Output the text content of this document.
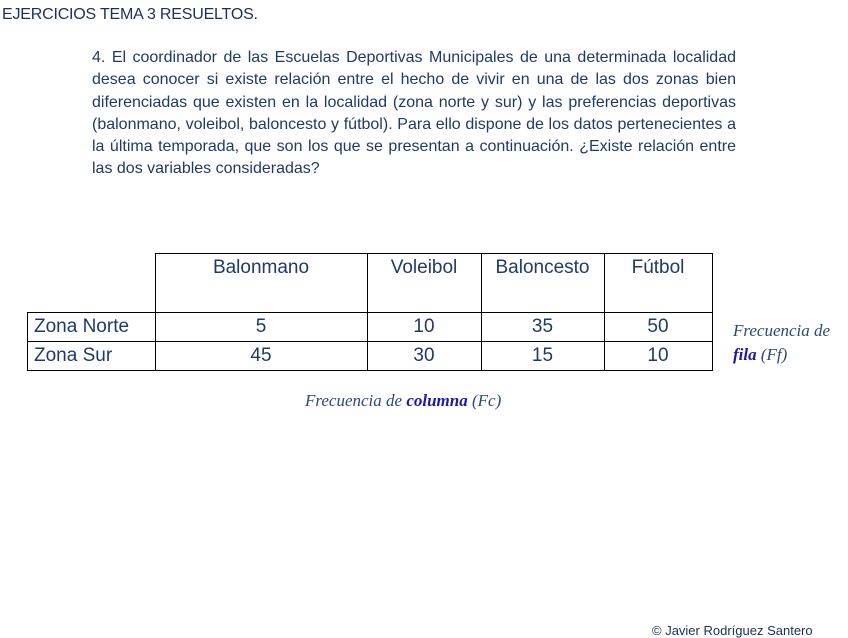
EJERCICIOS TEMA 3 RESUELTOS.
4. El coordinador de las Escuelas Deportivas Municipales de una determinada localidad desea conocer si existe relación entre el hecho de vivir en una de las dos zonas bien diferenciadas que existen en la localidad (zona norte y sur) y las preferencias deportivas (balonmano, voleibol, baloncesto y fútbol). Para ello dispone de los datos pertenecientes a la última temporada, que son los que se presentan a continuación. ¿Existe relación entre las dos variables consideradas?
	Balonmano	Voleibol	Baloncesto	Fútbol
Zona Norte	5	10	35	50
Zona Sur	45	30	15	10
Frecuencia de
fila (Ff)
Frecuencia de columna (Fc)
© Javier Rodríguez Santero
